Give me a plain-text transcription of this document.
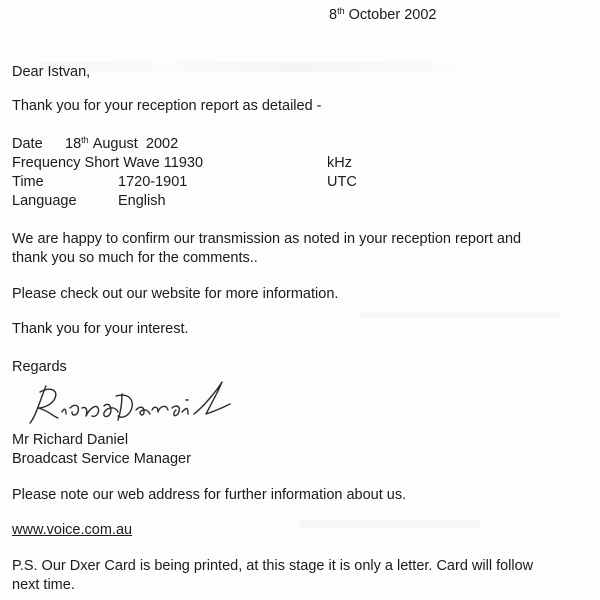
8th October 2002
Dear Istvan,
Thank you for your reception report as detailed -
Date 18th August  2002
Frequency Short Wave 11930	kHz
Time	1720-1901	UTC
Language	English
We are happy to confirm our transmission as noted in your reception report and
thank you so much for the comments..
Please check out our website for more information.
Thank you for your interest.
Regards
Mr Richard Daniel
Broadcast Service Manager
Please note our web address for further information about us.
www.voice.com.au
P.S. Our Dxer Card is being printed, at this stage it is only a letter. Card will follow
next time.
